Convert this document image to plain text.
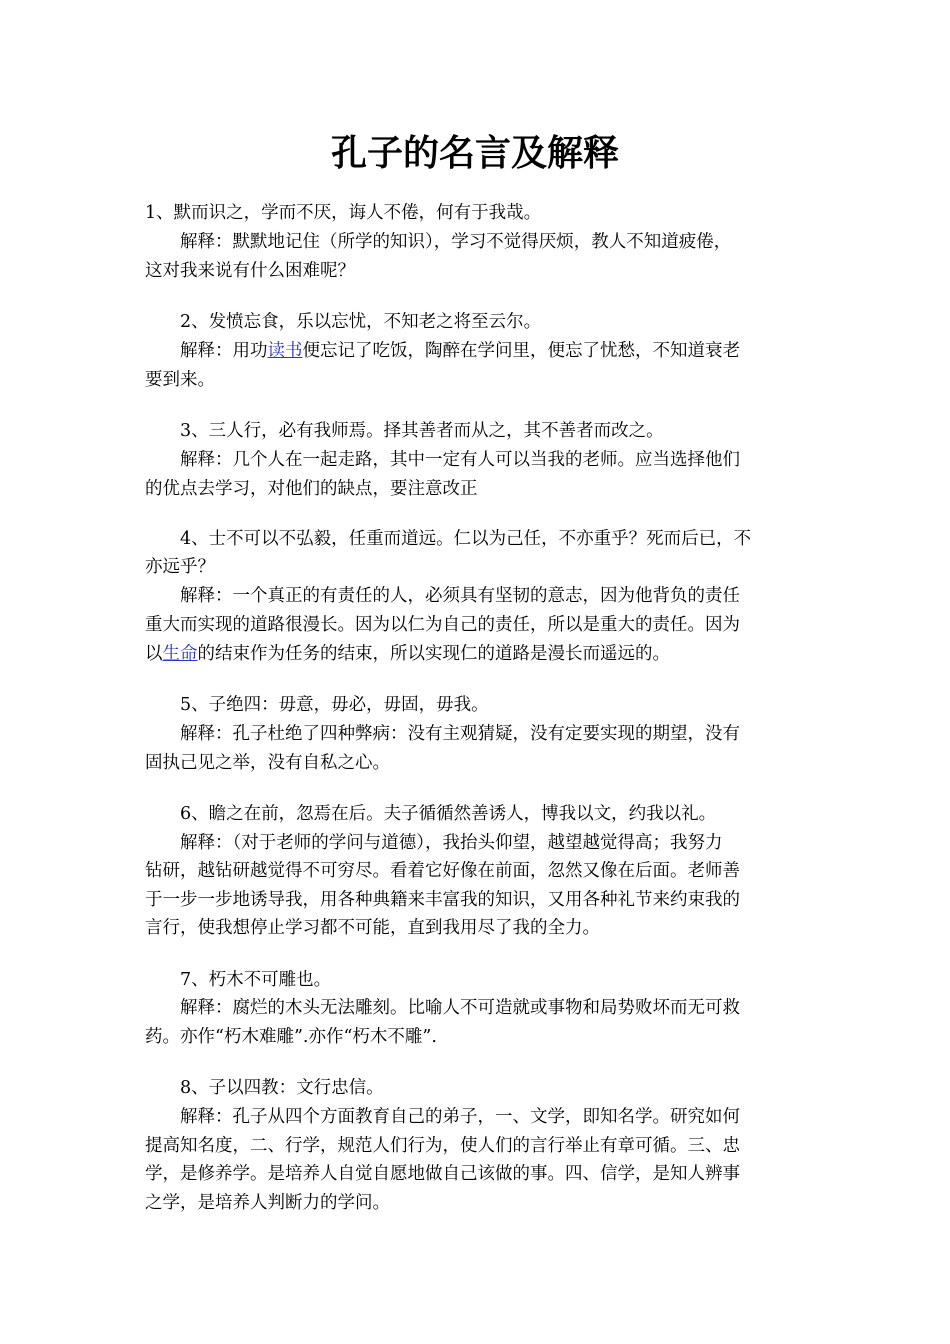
孔子的名言及解释
1、默而识之，学而不厌，诲人不倦，何有于我哉。
解释：默默地记住（所学的知识），学习不觉得厌烦，教人不知道疲倦，
这对我来说有什么困难呢？
2、发愤忘食，乐以忘忧，不知老之将至云尔。
解释：用功读书便忘记了吃饭，陶醉在学问里，便忘了忧愁，不知道衰老
要到来。
3、三人行，必有我师焉。择其善者而从之，其不善者而改之。
解释：几个人在一起走路，其中一定有人可以当我的老师。应当选择他们
的优点去学习，对他们的缺点，要注意改正
4、士不可以不弘毅，任重而道远。仁以为己任，不亦重乎？死而后已，不
亦远乎？
解释：一个真正的有责任的人，必须具有坚韧的意志，因为他背负的责任
重大而实现的道路很漫长。因为以仁为自己的责任，所以是重大的责任。因为
以生命的结束作为任务的结束，所以实现仁的道路是漫长而遥远的。
5、子绝四：毋意，毋必，毋固，毋我。
解释：孔子杜绝了四种弊病：没有主观猜疑，没有定要实现的期望，没有
固执己见之举，没有自私之心。
6、瞻之在前，忽焉在后。夫子循循然善诱人，博我以文，约我以礼。
解释：（对于老师的学问与道德），我抬头仰望，越望越觉得高；我努力
钻研，越钻研越觉得不可穷尽。看着它好像在前面，忽然又像在后面。老师善
于一步一步地诱导我，用各种典籍来丰富我的知识，又用各种礼节来约束我的
言行，使我想停止学习都不可能，直到我用尽了我的全力。
7、朽木不可雕也。
解释：腐烂的木头无法雕刻。比喻人不可造就或事物和局势败坏而无可救
药。亦作“朽木难雕”.亦作“朽木不雕”.
8、子以四教：文行忠信。
解释：孔子从四个方面教育自己的弟子，一、文学，即知名学。研究如何
提高知名度，二、行学，规范人们行为，使人们的言行举止有章可循。三、忠
学，是修养学。是培养人自觉自愿地做自己该做的事。四、信学，是知人辨事
之学，是培养人判断力的学问。
